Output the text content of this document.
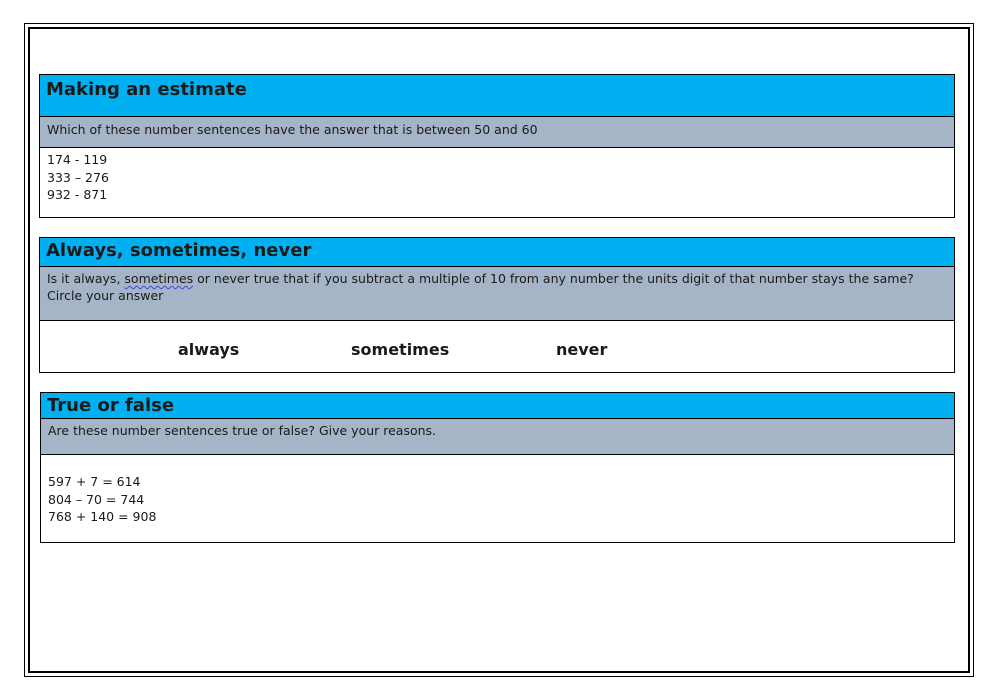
Making an estimate
Which of these number sentences have the answer that is between 50 and 60
174 - 119
333 – 276
932 - 871
Always, sometimes, never
Is it always, sometimes or never true that if you subtract a multiple of 10 from any number the units digit of that number stays the same? Circle your answer
always	sometimes	never
True or false
Are these number sentences true or false? Give your reasons.
597 + 7 = 614
804 – 70 = 744
768 + 140 = 908
